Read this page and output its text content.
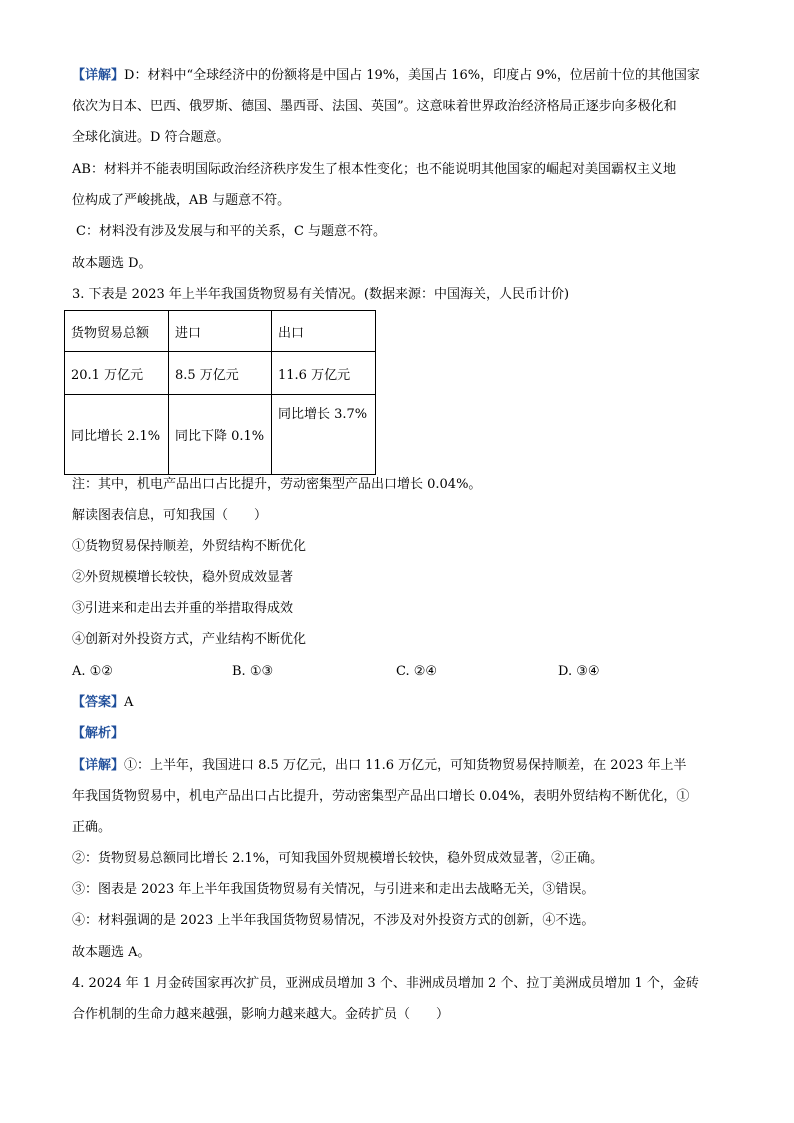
【详解】D：材料中“全球经济中的份额将是中国占 19%，美国占 16%，印度占 9%，位居前十位的其他国家
依次为日本、巴西、俄罗斯、德国、墨西哥、法国、英国”。这意味着世界政治经济格局正逐步向多极化和
全球化演进。D 符合题意。
AB：材料并不能表明国际政治经济秩序发生了根本性变化；也不能说明其他国家的崛起对美国霸权主义地
位构成了严峻挑战，AB 与题意不符。
C：材料没有涉及发展与和平的关系，C 与题意不符。
故本题选 D。
3. 下表是 2023 年上半年我国货物贸易有关情况。(数据来源：中国海关，人民币计价)
货物贸易总额	进口	出口
20.1 万亿元	8.5 万亿元	11.6 万亿元
同比增长 2.1%	同比下降 0.1%	同比增长 3.7%
注：其中，机电产品出口占比提升，劳动密集型产品出口增长 0.04%。
解读图表信息，可知我国（　　）
①货物贸易保持顺差，外贸结构不断优化
②外贸规模增长较快，稳外贸成效显著
③引进来和走出去并重的举措取得成效
④创新对外投资方式，产业结构不断优化
A. ①②	B. ①③	C. ②④	D. ③④
【答案】A
【解析】
【详解】①：上半年，我国进口 8.5 万亿元，出口 11.6 万亿元，可知货物贸易保持顺差，在 2023 年上半
年我国货物贸易中，机电产品出口占比提升，劳动密集型产品出口增长 0.04%，表明外贸结构不断优化，①
正确。
②：货物贸易总额同比增长 2.1%，可知我国外贸规模增长较快，稳外贸成效显著，②正确。
③：图表是 2023 年上半年我国货物贸易有关情况，与引进来和走出去战略无关，③错误。
④：材料强调的是 2023 上半年我国货物贸易情况，不涉及对外投资方式的创新，④不选。
故本题选 A。
4. 2024 年 1 月金砖国家再次扩员，亚洲成员增加 3 个、非洲成员增加 2 个、拉丁美洲成员增加 1 个，金砖
合作机制的生命力越来越强，影响力越来越大。金砖扩员（　　）
